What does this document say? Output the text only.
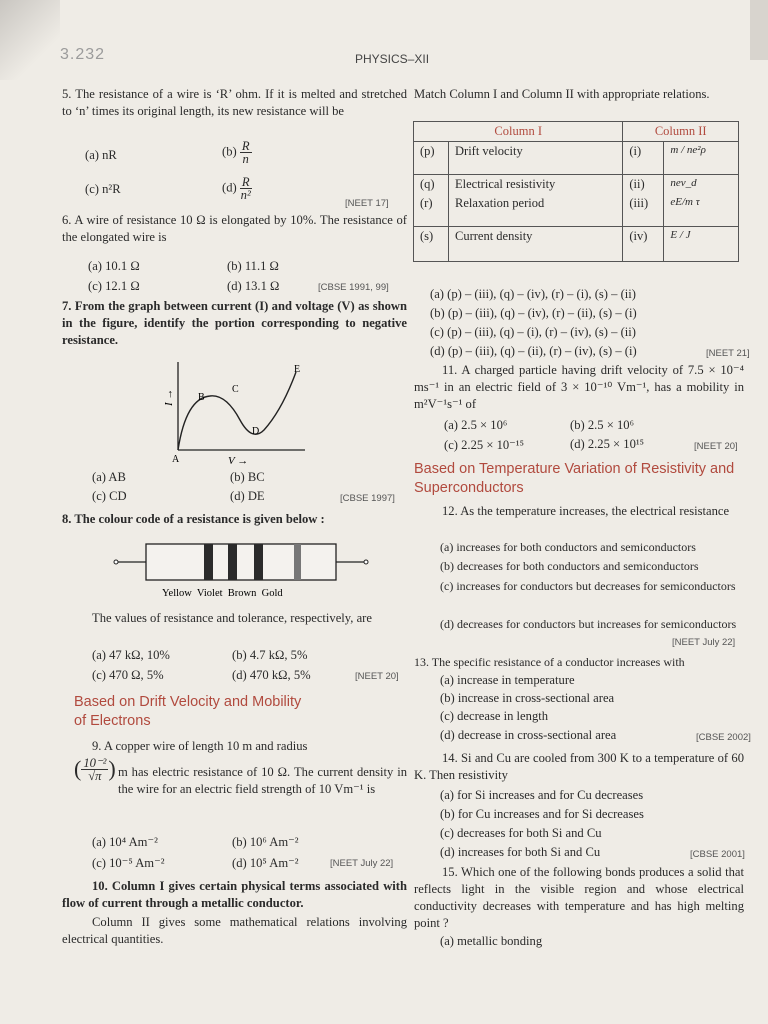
3.232	PHYSICS–XII

5. The resistance of a wire is ‘R’ ohm. If it is melted and stretched to ‘n’ times its original length, its new resistance will be

(a) nR	$(b) \frac{R}{n}$
(c) n²R	$(d) \frac{R}{\text{n²}}$
[NEET 17]

6. A wire of resistance 10 Ω is elongated by 10%. The resistance of the elongated wire is

(a) 10.1 Ω	(b) 11.1 Ω
(c) 12.1 Ω	(d) 13.1 Ω	[CBSE 1991, 99]

7. From the graph between current (I) and voltage (V) as shown in the figure, identify the portion corresponding to negative resistance.

I →
A
B
C
D
E
V →
(a) AB	(b) BC
(c) CD	(d) DE	[CBSE 1997]

8. The colour code of a resistance is given below :

Yellow  Violet  Brown  Gold

The values of resistance and tolerance, respectively, are

(a) 47 kΩ, 10%	(b) 4.7 kΩ, 5%
(c) 470 Ω, 5%	(d) 470 kΩ, 5%	[NEET 20]
Based on Drift Velocity and Mobility of Electrons

9. A copper wire of length 10 m and radius

( $\frac{\text{10⁻²}}{√\pi}$ ) m has electric resistance of 10 Ω. The current density in the wire for an electric field strength of 10 Vm⁻¹ is

(a) 10⁴ Am⁻²	(b) 10⁶ Am⁻²
(c) 10⁻⁵ Am⁻²	(d) 10⁵ Am⁻²	[NEET July 22]

10. Column I gives certain physical terms associated with flow of current through a metallic conductor.

Column II gives some mathematical relations involving electrical quantities.

Match Column I and Column II with appropriate relations.

Column I		Column II	
(p)	Drift velocity	(i)	m / ne²ρ
(q)	Electrical resistivity	(ii)	nev_d
(r)	Relaxation period	(iii)	eE/m τ
(s)	Current density	(iv)	E / J
(a) (p) – (iii), (q) – (iv), (r) – (i), (s) – (ii)
(b) (p) – (iii), (q) – (iv), (r) – (ii), (s) – (i)
(c) (p) – (iii), (q) – (i), (r) – (iv), (s) – (ii)
(d) (p) – (iii), (q) – (ii), (r) – (iv), (s) – (i)	[NEET 21]

11. A charged particle having drift velocity of 7.5 × 10⁻⁴ ms⁻¹ in an electric field of 3 × 10⁻¹⁰ Vm⁻¹, has a mobility in m²V⁻¹s⁻¹ of

(a) 2.5 × 10⁶	(b) 2.5 × 10⁶
(c) 2.25 × 10⁻¹⁵	(d) 2.25 × 10¹⁵	[NEET 20]
Based on Temperature Variation of Resistivity and Superconductors

12. As the temperature increases, the electrical resistance

(a) increases for both conductors and semiconductors
(b) decreases for both conductors and semiconductors
(c) increases for conductors but decreases for semiconductors
(d) decreases for conductors but increases for semiconductors
[NEET July 22]

13. The specific resistance of a conductor increases with

(a) increase in temperature
(b) increase in cross-sectional area
(c) decrease in length
(d) decrease in cross-sectional area	[CBSE 2002]

14. Si and Cu are cooled from 300 K to a temperature of 60 K. Then resistivity

(a) for Si increases and for Cu decreases
(b) for Cu increases and for Si decreases
(c) decreases for both Si and Cu
(d) increases for both Si and Cu	[CBSE 2001]

15. Which one of the following bonds produces a solid that reflects light in the visible region and whose electrical conductivity decreases with temperature and has high melting point ?

(a) metallic bonding
